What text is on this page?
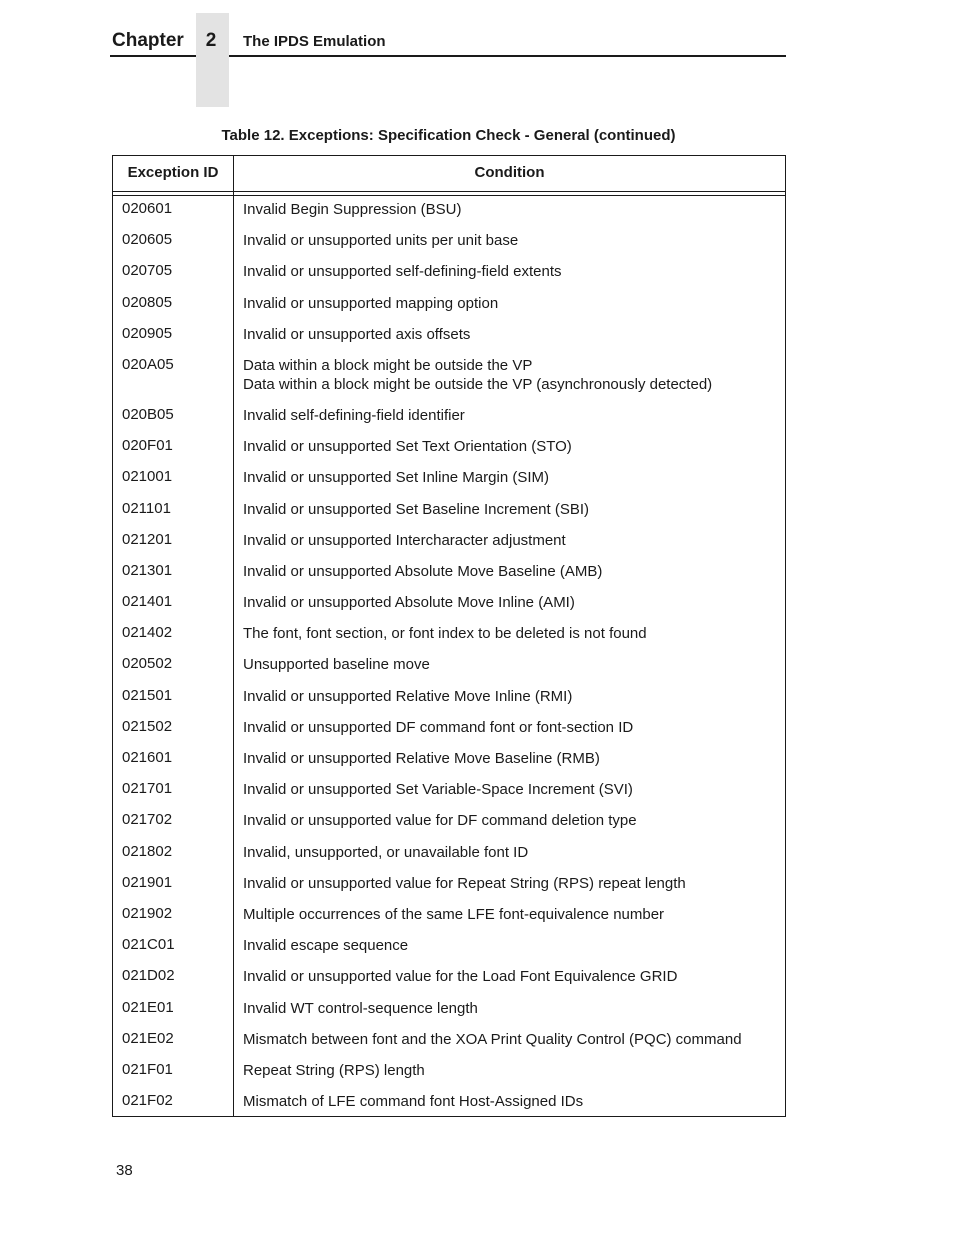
Chapter	2	The IPDS Emulation
Table 12. Exceptions: Specification Check - General (continued)
Exception ID	Condition
020601	Invalid Begin Suppression (BSU)
020605	Invalid or unsupported units per unit base
020705	Invalid or unsupported self-defining-field extents
020805	Invalid or unsupported mapping option
020905	Invalid or unsupported axis offsets
020A05	Data within a block might be outside the VP
Data within a block might be outside the VP (asynchronously detected)
020B05	Invalid self-defining-field identifier
020F01	Invalid or unsupported Set Text Orientation (STO)
021001	Invalid or unsupported Set Inline Margin (SIM)
021101	Invalid or unsupported Set Baseline Increment (SBI)
021201	Invalid or unsupported Intercharacter adjustment
021301	Invalid or unsupported Absolute Move Baseline (AMB)
021401	Invalid or unsupported Absolute Move Inline (AMI)
021402	The font, font section, or font index to be deleted is not found
020502	Unsupported baseline move
021501	Invalid or unsupported Relative Move Inline (RMI)
021502	Invalid or unsupported DF command font or font-section ID
021601	Invalid or unsupported Relative Move Baseline (RMB)
021701	Invalid or unsupported Set Variable-Space Increment (SVI)
021702	Invalid or unsupported value for DF command deletion type
021802	Invalid, unsupported, or unavailable font ID
021901	Invalid or unsupported value for Repeat String (RPS) repeat length
021902	Multiple occurrences of the same LFE font-equivalence number
021C01	Invalid escape sequence
021D02	Invalid or unsupported value for the Load Font Equivalence GRID
021E01	Invalid WT control-sequence length
021E02	Mismatch between font and the XOA Print Quality Control (PQC) command
021F01	Repeat String (RPS) length
021F02	Mismatch of LFE command font Host-Assigned IDs
38
